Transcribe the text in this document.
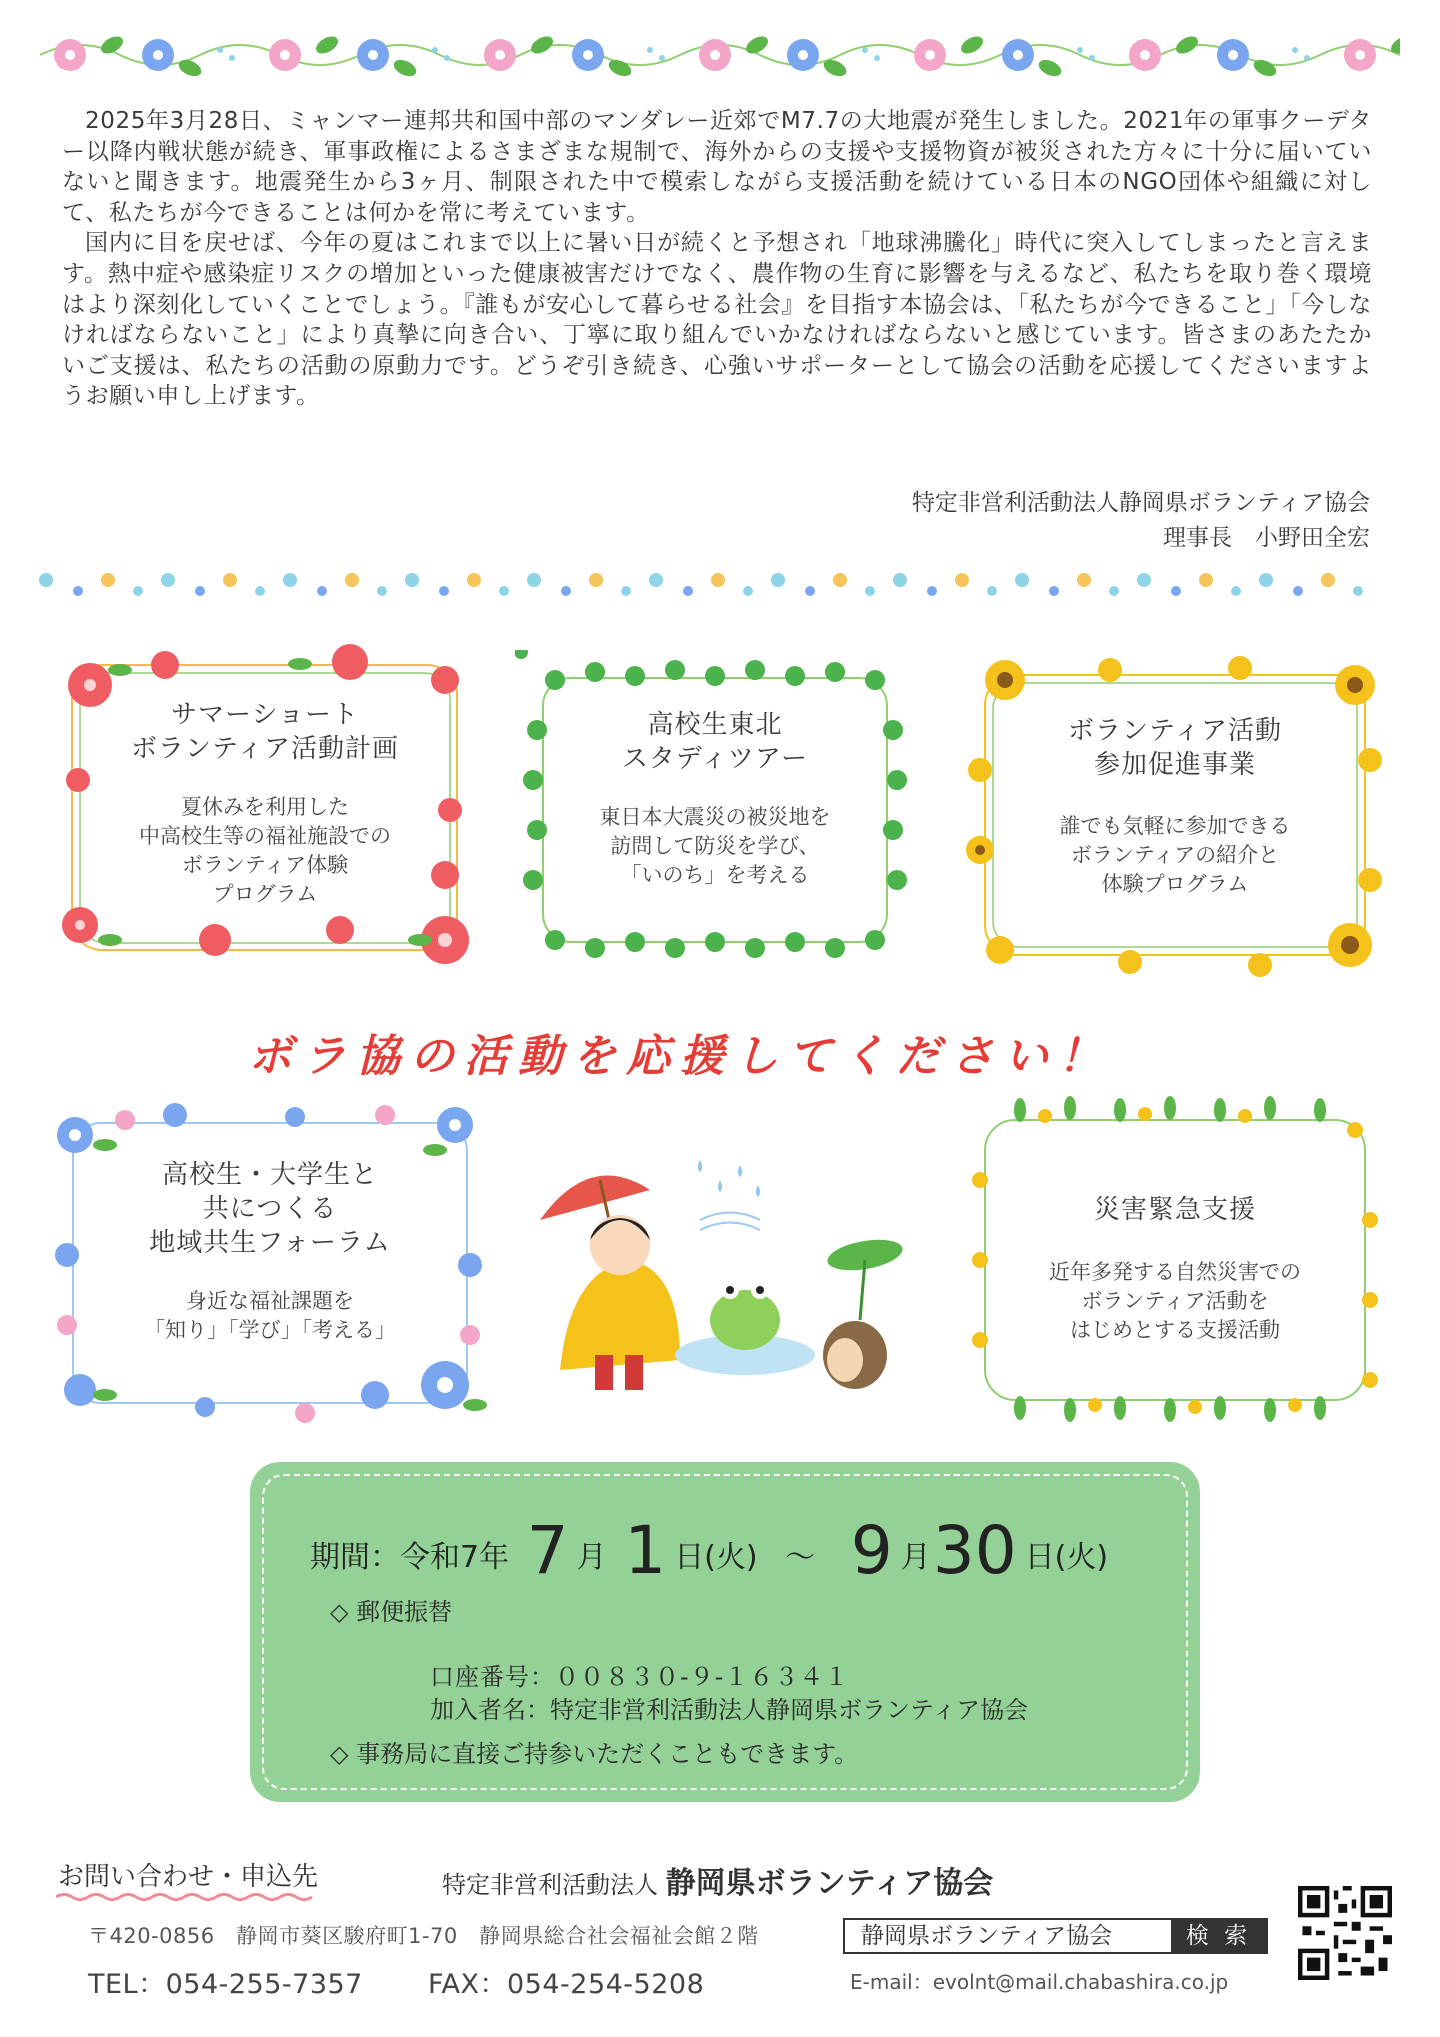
2025年3月28日、ミャンマー連邦共和国中部のマンダレー近郊でM7.7の大地震が発生しました。2021年の軍事クーデター以降内戦状態が続き、軍事政権によるさまざまな規制で、海外からの支援や支援物資が被災された方々に十分に届いていないと聞きます。地震発生から3ヶ月、制限された中で模索しながら支援活動を続けている日本のNGO団体や組織に対して、私たちが今できることは何かを常に考えています。

国内に目を戻せば、今年の夏はこれまで以上に暑い日が続くと予想され「地球沸騰化」時代に突入してしまったと言えます。熱中症や感染症リスクの増加といった健康被害だけでなく、農作物の生育に影響を与えるなど、私たちを取り巻く環境はより深刻化していくことでしょう。『誰もが安心して暮らせる社会』を目指す本協会は、「私たちが今できること」「今しなければならないこと」により真摯に向き合い、丁寧に取り組んでいかなければならないと感じています。皆さまのあたたかいご支援は、私たちの活動の原動力です。どうぞ引き続き、心強いサポーターとして協会の活動を応援してくださいますようお願い申し上げます。

特定非営利活動法人静岡県ボランティア協会
理事長　小野田全宏
サマーショート
ボランティア活動計画
夏休みを利用した
中高校生等の福祉施設での
ボランティア体験
プログラム
高校生東北
スタディツアー
東日本大震災の被災地を
訪問して防災を学び、
「いのち」を考える
ボランティア活動
参加促進事業
誰でも気軽に参加できる
ボランティアの紹介と
体験プログラム
ボラ協の活動を応援してください！
高校生・大学生と
共につくる
地域共生フォーラム
身近な福祉課題を
「知り」「学び」「考える」
災害緊急支援
近年多発する自然災害での
ボランティア活動を
はじめとする支援活動
期間：令和7年 7 月 1 日(火) ～ 9 月30 日(火)
◇ 郵便振替
口座番号：００８３０-９-１６３４１
加入者名：特定非営利活動法人静岡県ボランティア協会
◇ 事務局に直接ご持参いただくこともできます。
お問い合わせ・申込先	特定非営利活動法人 静岡県ボランティア協会
〒420-0856　静岡市葵区駿府町1-70　静岡県総合社会福祉会館２階
TEL：054-255-7357 FAX：054-254-5208
静岡県ボランティア協会	検 索
E-mail：evolnt@mail.chabashira.co.jp
